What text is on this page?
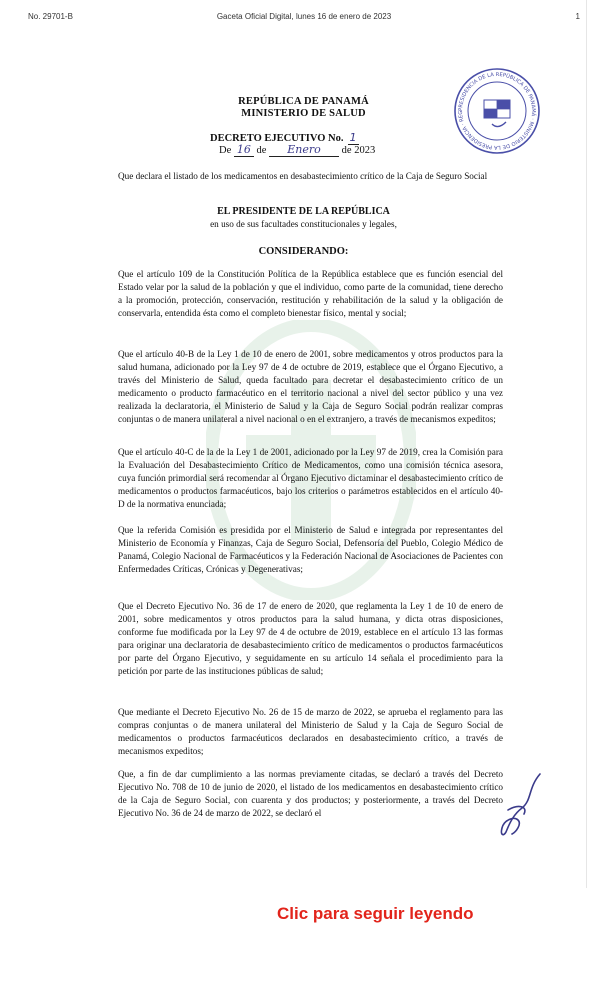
No. 29701-B	Gaceta Oficial Digital, lunes 16 de enero de 2023	1
PRESIDENCIA DE LA REPÚBLICA DE PANAMÁ · MINISTERIO DE LA PRESIDENCIA · REG
REPÚBLICA DE PANAMÁ
MINISTERIO DE SALUD
DECRETO EJECUTIVO No. 1
De 16 de Enero de 2023
Que declara el listado de los medicamentos en desabastecimiento crítico de la Caja de Seguro Social
EL PRESIDENTE DE LA REPÚBLICA
en uso de sus facultades constitucionales y legales,
CONSIDERANDO:

Que el artículo 109 de la Constitución Política de la República establece que es función esencial del Estado velar por la salud de la población y que el individuo, como parte de la comunidad, tiene derecho a la promoción, protección, conservación, restitución y rehabilitación de la salud y la obligación de conservarla, entendida ésta como el completo bienestar físico, mental y social;

Que el artículo 40-B de la Ley 1 de 10 de enero de 2001, sobre medicamentos y otros productos para la salud humana, adicionado por la Ley 97 de 4 de octubre de 2019, establece que el Órgano Ejecutivo, a través del Ministerio de Salud, queda facultado para decretar el desabastecimiento crítico de un medicamento o producto farmacéutico en el territorio nacional a nivel del sector público y una vez realizada la declaratoria, el Ministerio de Salud y la Caja de Seguro Social podrán realizar compras conjuntas o de manera unilateral a nivel nacional o en el extranjero, a través de mecanismos expeditos;

Que el artículo 40-C de la de la Ley 1 de 2001, adicionado por la Ley 97 de 2019, crea la Comisión para la Evaluación del Desabastecimiento Crítico de Medicamentos, como una comisión técnica asesora, cuya función primordial será recomendar al Órgano Ejecutivo dictaminar el desabastecimiento crítico de medicamentos o productos farmacéuticos, bajo los criterios o parámetros establecidos en el artículo 40-D de la normativa enunciada;

Que la referida Comisión es presidida por el Ministerio de Salud e integrada por representantes del Ministerio de Economía y Finanzas, Caja de Seguro Social, Defensoría del Pueblo, Colegio Médico de Panamá, Colegio Nacional de Farmacéuticos y la Federación Nacional de Asociaciones de Pacientes con Enfermedades Críticas, Crónicas y Degenerativas;

Que el Decreto Ejecutivo No. 36 de 17 de enero de 2020, que reglamenta la Ley 1 de 10 de enero de 2001, sobre medicamentos y otros productos para la salud humana, y dicta otras disposiciones, conforme fue modificada por la Ley 97 de 4 de octubre de 2019, establece en el artículo 13 las formas para originar una declaratoria de desabastecimiento crítico de medicamentos o productos farmacéuticos por parte del Órgano Ejecutivo, y seguidamente en su artículo 14 señala el procedimiento para la petición por parte de las instituciones públicas de salud;

Que mediante el Decreto Ejecutivo No. 26 de 15 de marzo de 2022, se aprueba el reglamento para las compras conjuntas o de manera unilateral del Ministerio de Salud y la Caja de Seguro Social de medicamentos o productos farmacéuticos declarados en desabastecimiento crítico, a través de mecanismos expeditos;

Que, a fin de dar cumplimiento a las normas previamente citadas, se declaró a través del Decreto Ejecutivo No. 708 de 10 de junio de 2020, el listado de los medicamentos en desabastecimiento crítico de la Caja de Seguro Social, con cuarenta y dos productos; y posteriormente, a través del Decreto Ejecutivo No. 36 de 24 de marzo de 2022, se declaró el

Clic para seguir leyendo
